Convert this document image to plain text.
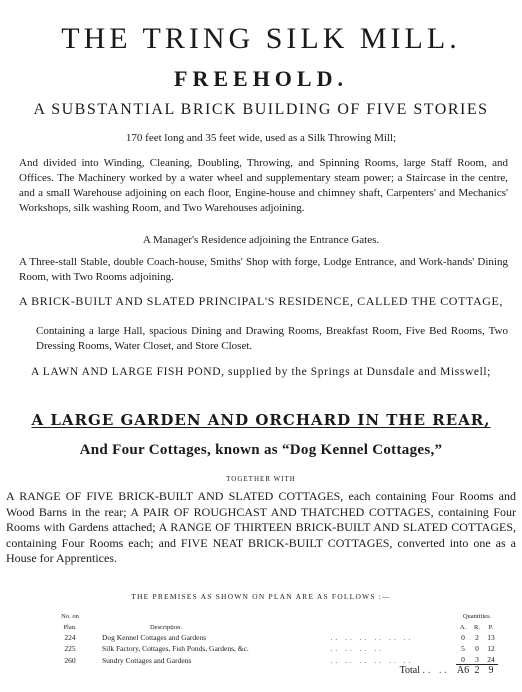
THE TRING SILK MILL.
FREEHOLD.
A SUBSTANTIAL BRICK BUILDING OF FIVE STORIES
170 feet long and 35 feet wide, used as a Silk Throwing Mill;
And divided into Winding, Cleaning, Doubling, Throwing, and Spinning Rooms, large Staff Room, and Offices. The Machinery worked by a water wheel and supplementary steam power; a Staircase in the centre, and a small Warehouse adjoining on each floor, Engine-house and chimney shaft, Carpenters' and Mechanics' Workshops, silk washing Room, and Two Warehouses adjoining.
A Manager's Residence adjoining the Entrance Gates.
A Three-stall Stable, double Coach-house, Smiths' Shop with forge, Lodge Entrance, and Work-hands' Dining Room, with Two Rooms adjoining.
A BRICK-BUILT AND SLATED PRINCIPAL'S RESIDENCE, CALLED THE COTTAGE,
Containing a large Hall, spacious Dining and Drawing Rooms, Breakfast Room, Five Bed Rooms, Two Dressing Rooms, Water Closet, and Store Closet.
A LAWN AND LARGE FISH POND, supplied by the Springs at Dunsdale and Misswell;
A LARGE GARDEN AND ORCHARD IN THE REAR,
And Four Cottages, known as “Dog Kennel Cottages,”
TOGETHER WITH
A RANGE OF FIVE BRICK-BUILT AND SLATED COTTAGES, each containing Four Rooms and Wood Barns in the rear; A PAIR OF ROUGHCAST AND THATCHED COTTAGES, containing Four Rooms with Gardens attached; A RANGE OF THIRTEEN BRICK-BUILT AND SLATED COTTAGES, containing Four Rooms each; and FIVE NEAT BRICK-BUILT COTTAGES, converted into one as a House for Apprentices.
THE PREMISES AS SHOWN ON PLAN ARE AS FOLLOWS :—
No. on			Quantities.		
Plan.	Description.		A.	R.	P.
224	Dog Kennel Cottages and Gardens	.. .. .. .. .. ..	0	2	13
225	Silk Factory, Cottages, Fish Ponds, Gardens, &c.	.. .. .. ..	5	0	12
260	Sundry Cottages and Gardens	.. .. .. .. .. ..	0	3	24
		Total .. ..	A6	2	9
